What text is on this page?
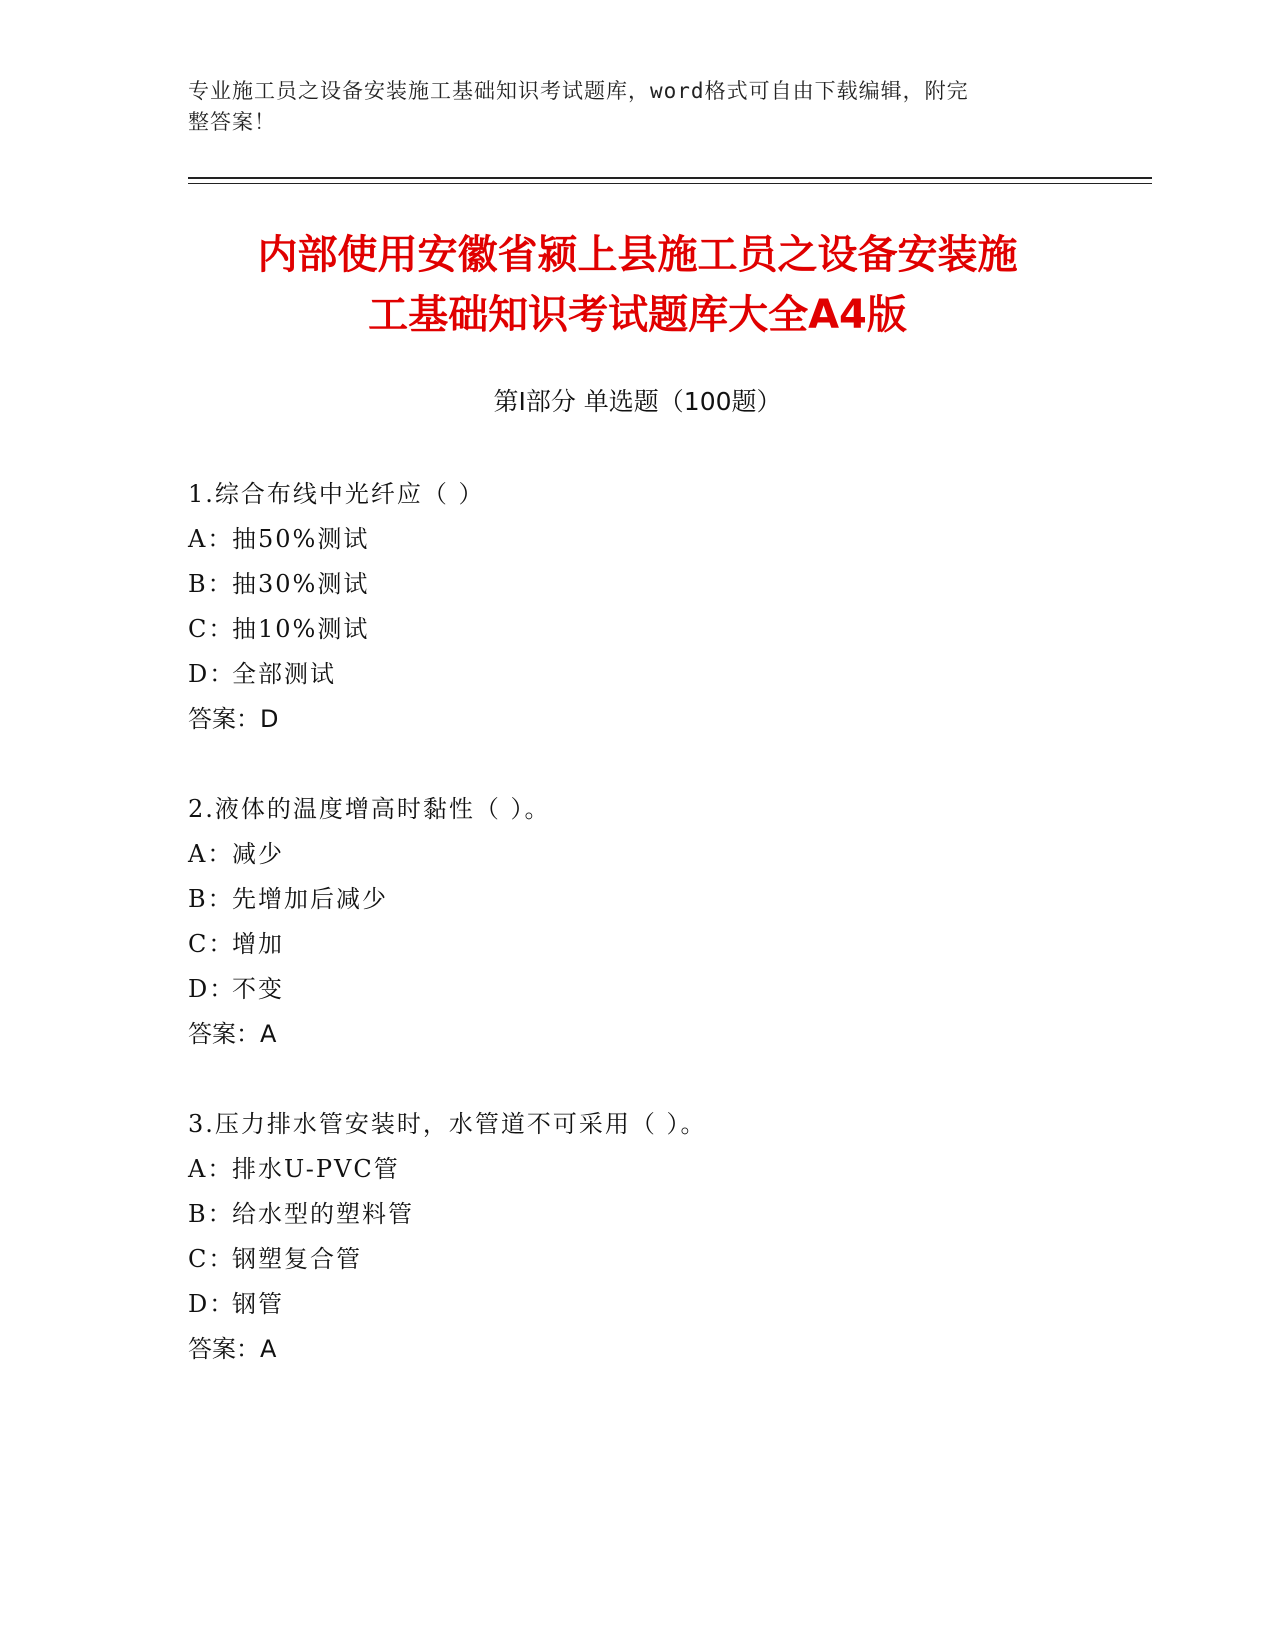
专业施工员之设备安装施工基础知识考试题库，word格式可自由下载编辑，附完
整答案！
内部使用安徽省颍上县施工员之设备安装施
工基础知识考试题库大全A4版
第Ⅰ部分 单选题（100题）
1 . 综合布线中光纤应（ ）
A：抽50%测试
B：抽30%测试
C：抽10%测试
D：全部测试
答案：D
2 . 液体的温度增高时黏性（ ）。
A：减少
B：先增加后减少
C：增加
D：不变
答案：A
3 . 压力排水管安装时，水管道不可采用（ ）。
A：排水U-PVC管
B：给水型的塑料管
C：钢塑复合管
D：钢管
答案：A
